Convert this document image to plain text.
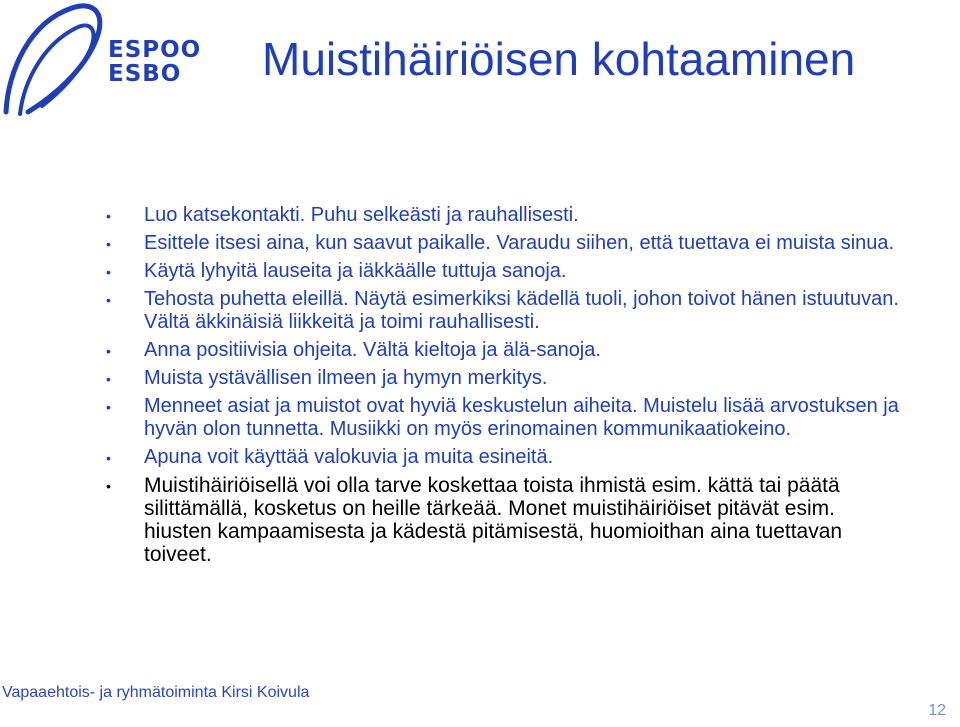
ESPOO
ESBO	Muistihäiriöisen kohtaaminen
• Luo katsekontakti. Puhu selkeästi ja rauhallisesti.
• Esittele itsesi aina, kun saavut paikalle. Varaudu siihen, että tuettava ei muista sinua.
• Käytä lyhyitä lauseita ja iäkkäälle tuttuja sanoja.
• Tehosta puhetta eleillä. Näytä esimerkiksi kädellä tuoli, johon toivot hänen istuutuvan. Vältä äkkinäisiä liikkeitä ja toimi rauhallisesti.
• Anna positiivisia ohjeita. Vältä kieltoja ja älä-sanoja.
• Muista ystävällisen ilmeen ja hymyn merkitys.
• Menneet asiat ja muistot ovat hyviä keskustelun aiheita. Muistelu lisää arvostuksen ja hyvän olon tunnetta. Musiikki on myös erinomainen kommunikaatiokeino.
• Apuna voit käyttää valokuvia ja muita esineitä.
• Muistihäiriöisellä voi olla tarve koskettaa toista ihmistä esim. kättä tai päätä silittämällä, kosketus on heille tärkeää. Monet muistihäiriöiset pitävät esim. hiusten kampaamisesta ja kädestä pitämisestä, huomioithan aina tuettavan toiveet.
Vapaaehtois- ja ryhmätoiminta Kirsi Koivula
12
